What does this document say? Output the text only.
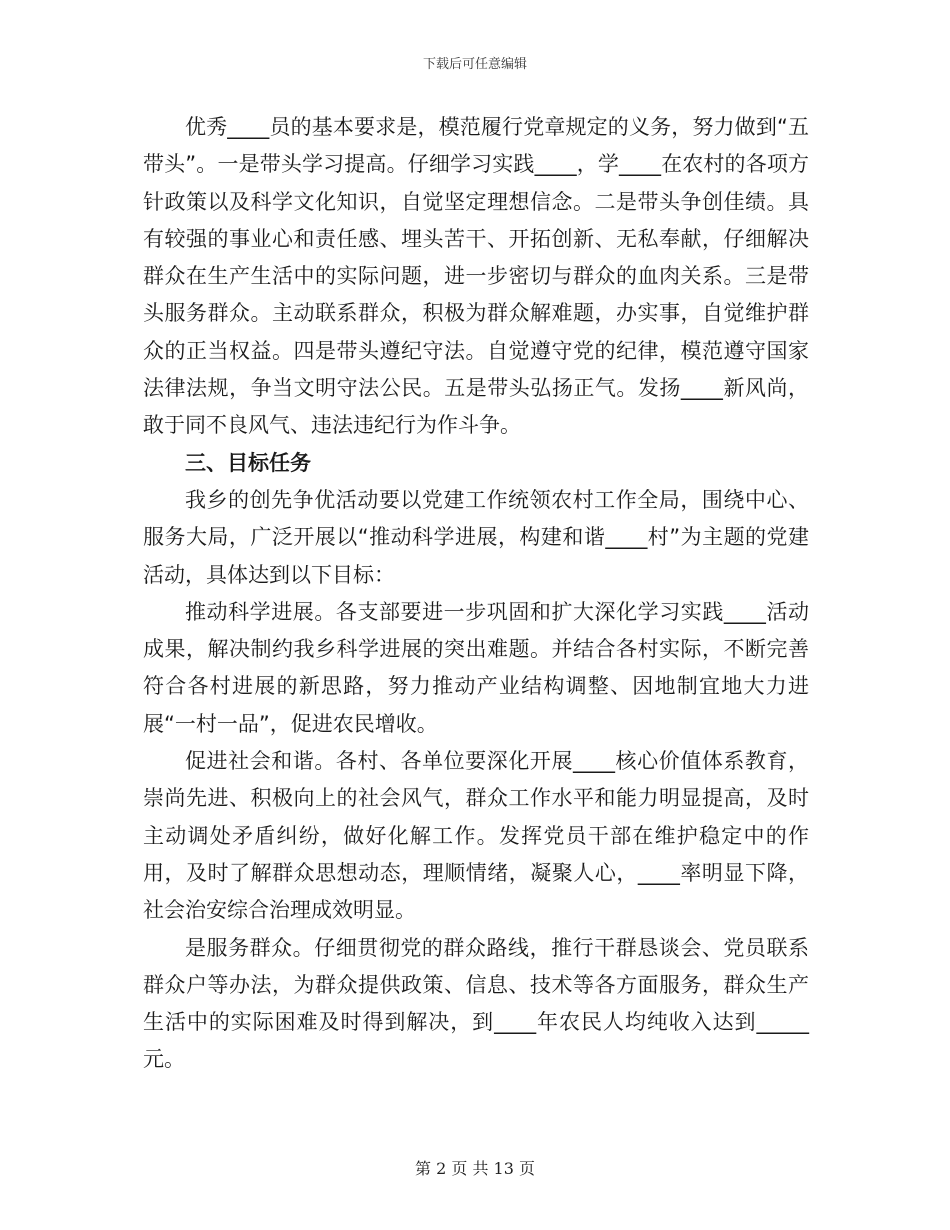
下载后可任意编辑

优秀____员的基本要求是，模范履行党章规定的义务，努力做到“五带头”。一是带头学习提高。仔细学习实践____，学____在农村的各项方针政策以及科学文化知识，自觉坚定理想信念。二是带头争创佳绩。具有较强的事业心和责任感、埋头苦干、开拓创新、无私奉献，仔细解决群众在生产生活中的实际问题，进一步密切与群众的血肉关系。三是带头服务群众。主动联系群众，积极为群众解难题，办实事，自觉维护群众的正当权益。四是带头遵纪守法。自觉遵守党的纪律，模范遵守国家法律法规，争当文明守法公民。五是带头弘扬正气。发扬____新风尚，敢于同不良风气、违法违纪行为作斗争。

三、目标任务

我乡的创先争优活动要以党建工作统领农村工作全局，围绕中心、服务大局，广泛开展以“推动科学进展，构建和谐____村”为主题的党建活动，具体达到以下目标：

推动科学进展。各支部要进一步巩固和扩大深化学习实践____活动成果，解决制约我乡科学进展的突出难题。并结合各村实际，不断完善符合各村进展的新思路，努力推动产业结构调整、因地制宜地大力进展“一村一品”，促进农民增收。

促进社会和谐。各村、各单位要深化开展____核心价值体系教育，崇尚先进、积极向上的社会风气，群众工作水平和能力明显提高，及时主动调处矛盾纠纷，做好化解工作。发挥党员干部在维护稳定中的作用，及时了解群众思想动态，理顺情绪，凝聚人心，____率明显下降，社会治安综合治理成效明显。

是服务群众。仔细贯彻党的群众路线，推行干群恳谈会、党员联系群众户等办法，为群众提供政策、信息、技术等各方面服务，群众生产生活中的实际困难及时得到解决，到____年农民人均纯收入达到_____元。

第 2 页 共 13 页
